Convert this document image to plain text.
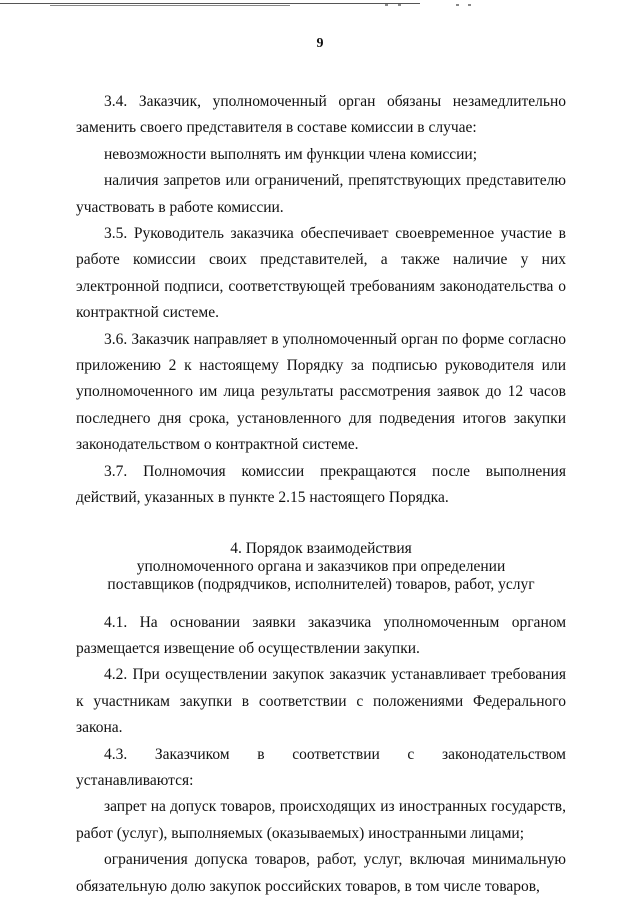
9

3.4. Заказчик, уполномоченный орган обязаны незамедлительно заменить своего представителя в составе комиссии в случае:

невозможности выполнять им функции члена комиссии;

наличия запретов или ограничений, препятствующих представителю участвовать в работе комиссии.

3.5. Руководитель заказчика обеспечивает своевременное участие в работе комиссии своих представителей, а также наличие у них электронной подписи, соответствующей требованиям законодательства о контрактной системе.

3.6. Заказчик направляет в уполномоченный орган по форме согласно приложению 2 к настоящему Порядку за подписью руководителя или уполномоченного им лица результаты рассмотрения заявок до 12 часов последнего дня срока, установленного для подведения итогов закупки законодательством о контрактной системе.

3.7. Полномочия комиссии прекращаются после выполнения действий, указанных в пункте 2.15 настоящего Порядка.

4. Порядок взаимодействия

уполномоченного органа и заказчиков при определении

поставщиков (подрядчиков, исполнителей) товаров, работ, услуг

4.1. На основании заявки заказчика уполномоченным органом размещается извещение об осуществлении закупки.

4.2. При осуществлении закупок заказчик устанавливает требования к участникам закупки в соответствии с положениями Федерального закона.

4.3. Заказчиком в соответствии с законодательством устанавливаются:

запрет на допуск товаров, происходящих из иностранных государств, работ (услуг), выполняемых (оказываемых) иностранными лицами;

ограничения допуска товаров, работ, услуг, включая минимальную обязательную долю закупок российских товаров, в том числе товаров,
